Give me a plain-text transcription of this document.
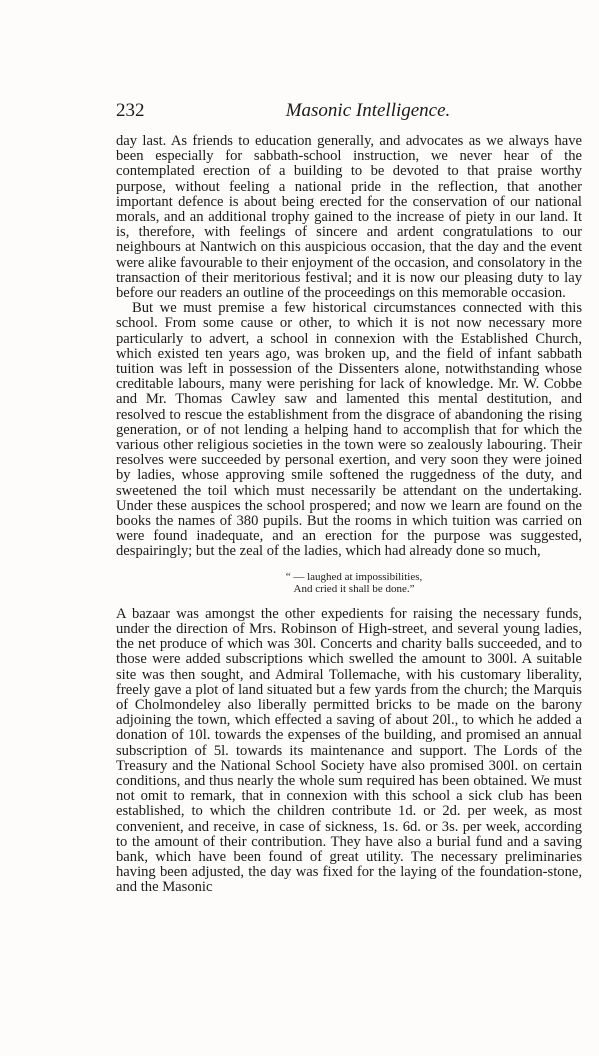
232	Masonic Intelligence.

day last. As friends to education generally, and advocates as we always have been especially for sabbath-school instruction, we never hear of the contemplated erection of a building to be devoted to that praise worthy purpose, without feeling a national pride in the reflection, that another important defence is about being erected for the conservation of our national morals, and an additional trophy gained to the increase of piety in our land. It is, therefore, with feelings of sincere and ardent congratulations to our neighbours at Nantwich on this auspicious occasion, that the day and the event were alike favourable to their enjoyment of the occasion, and consolatory in the transaction of their meritorious festival; and it is now our pleasing duty to lay before our readers an outline of the proceedings on this memorable occasion.

But we must premise a few historical circumstances connected with this school. From some cause or other, to which it is not now necessary more particularly to advert, a school in connexion with the Established Church, which existed ten years ago, was broken up, and the field of infant sabbath tuition was left in possession of the Dissenters alone, notwithstanding whose creditable labours, many were perishing for lack of knowledge. Mr. W. Cobbe and Mr. Thomas Cawley saw and lamented this mental destitution, and resolved to rescue the establishment from the disgrace of abandoning the rising generation, or of not lending a helping hand to accomplish that for which the various other religious societies in the town were so zealously labouring. Their resolves were succeeded by personal exertion, and very soon they were joined by ladies, whose approving smile softened the ruggedness of the duty, and sweetened the toil which must necessarily be attendant on the undertaking. Under these auspices the school prospered; and now we learn are found on the books the names of 380 pupils. But the rooms in which tuition was carried on were found inadequate, and an erection for the purpose was suggested, despairingly; but the zeal of the ladies, which had already done so much,

“ — laughed at impossibilities,
And cried it shall be done.”

A bazaar was amongst the other expedients for raising the necessary funds, under the direction of Mrs. Robinson of High-street, and several young ladies, the net produce of which was 30l. Concerts and charity balls succeeded, and to those were added subscriptions which swelled the amount to 300l. A suitable site was then sought, and Admiral Tollemache, with his customary liberality, freely gave a plot of land situated but a few yards from the church; the Marquis of Cholmondeley also liberally permitted bricks to be made on the barony adjoining the town, which effected a saving of about 20l., to which he added a donation of 10l. towards the expenses of the building, and promised an annual subscription of 5l. towards its maintenance and support. The Lords of the Treasury and the National School Society have also promised 300l. on certain conditions, and thus nearly the whole sum required has been obtained. We must not omit to remark, that in connexion with this school a sick club has been established, to which the children contribute 1d. or 2d. per week, as most convenient, and receive, in case of sickness, 1s. 6d. or 3s. per week, according to the amount of their contribution. They have also a burial fund and a saving bank, which have been found of great utility. The necessary preliminaries having been adjusted, the day was fixed for the laying of the foundation-stone, and the Masonic
